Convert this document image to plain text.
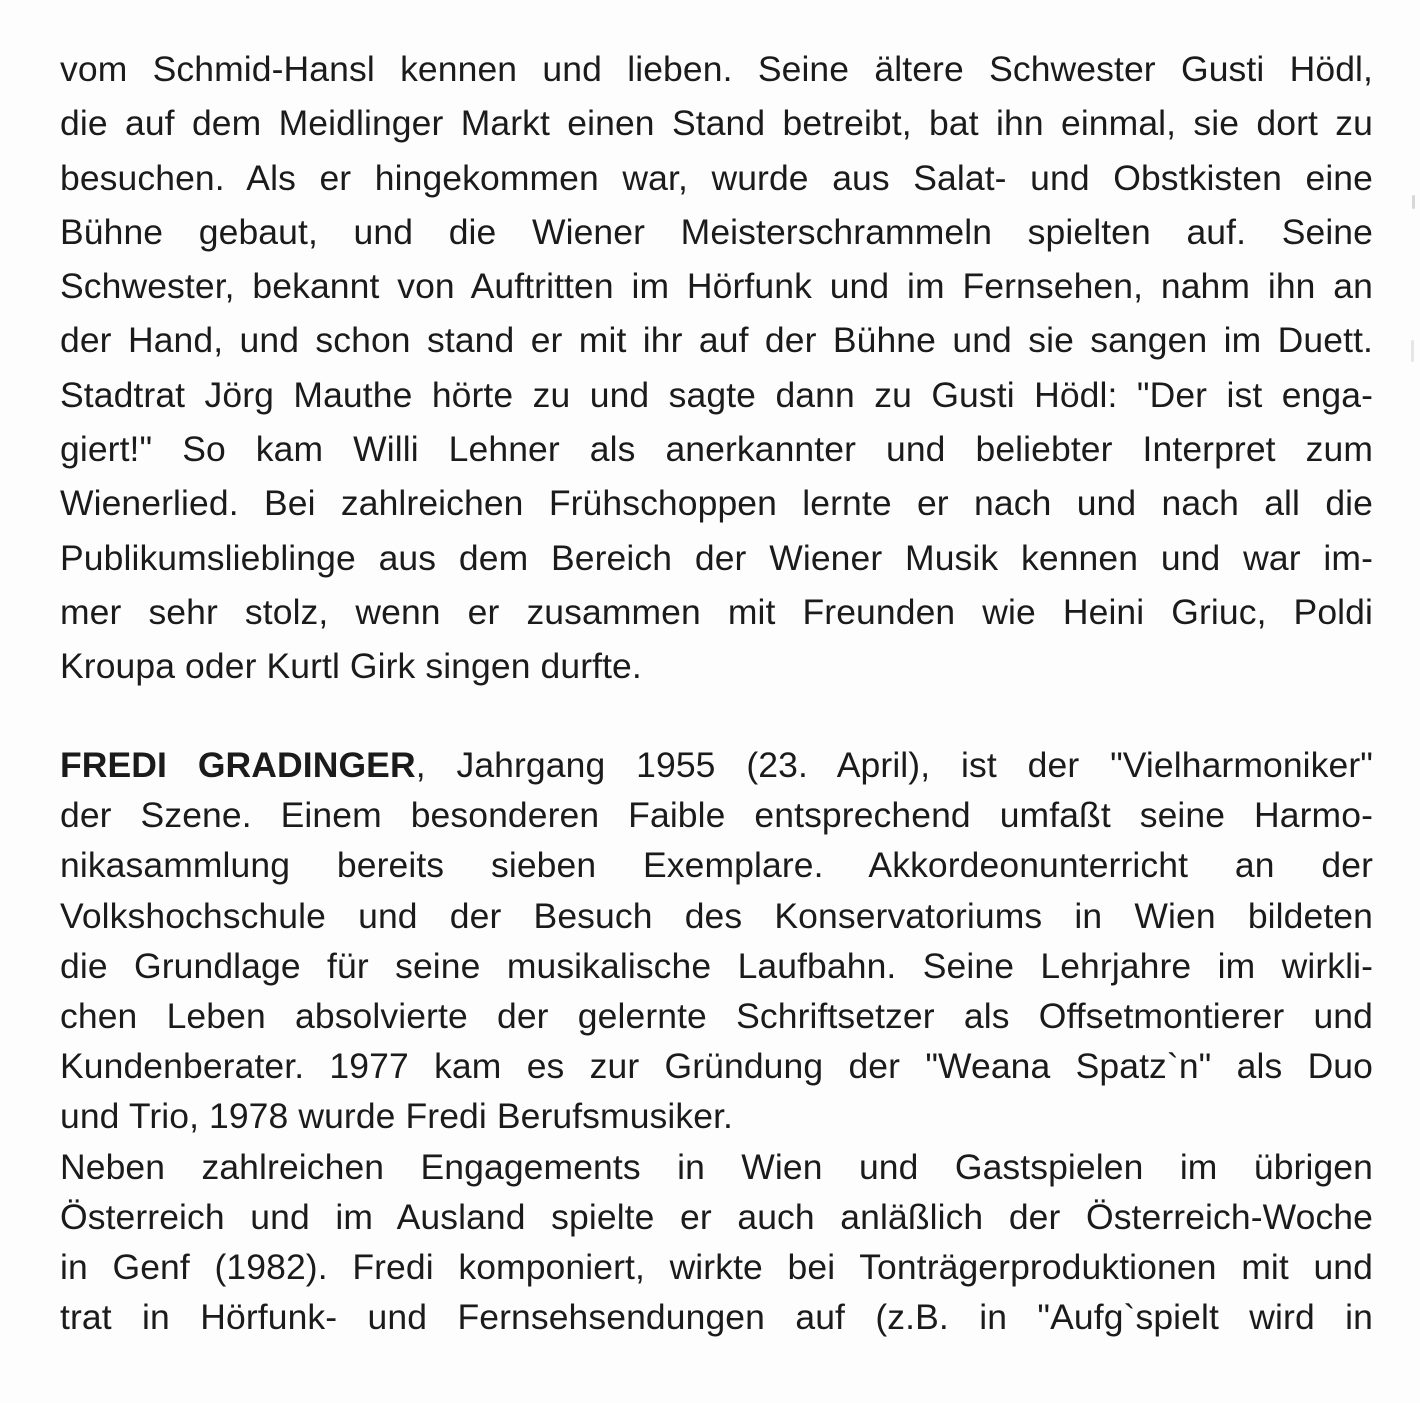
vom Schmid-Hansl kennen und lieben. Seine ältere Schwester Gusti Hödl,
die auf dem Meidlinger Markt einen Stand betreibt, bat ihn einmal, sie dort zu
besuchen. Als er hingekommen war, wurde aus Salat- und Obstkisten eine
Bühne gebaut, und die Wiener Meisterschrammeln spielten auf. Seine
Schwester, bekannt von Auftritten im Hörfunk und im Fernsehen, nahm ihn an
der Hand, und schon stand er mit ihr auf der Bühne und sie sangen im Duett.
Stadtrat Jörg Mauthe hörte zu und sagte dann zu Gusti Hödl: "Der ist enga-
giert!" So kam Willi Lehner als anerkannter und beliebter Interpret zum
Wienerlied. Bei zahlreichen Frühschoppen lernte er nach und nach all die
Publikumslieblinge aus dem Bereich der Wiener Musik kennen und war im-
mer sehr stolz, wenn er zusammen mit Freunden wie Heini Griuc, Poldi
Kroupa oder Kurtl Girk singen durfte.
FREDI GRADINGER, Jahrgang 1955 (23. April), ist der "Vielharmoniker"
der Szene. Einem besonderen Faible entsprechend umfaßt seine Harmo-
nikasammlung bereits sieben Exemplare. Akkordeonunterricht an der
Volkshochschule und der Besuch des Konservatoriums in Wien bildeten
die Grundlage für seine musikalische Laufbahn. Seine Lehrjahre im wirkli-
chen Leben absolvierte der gelernte Schriftsetzer als Offsetmontierer und
Kundenberater. 1977 kam es zur Gründung der "Weana Spatz`n" als Duo
und Trio, 1978 wurde Fredi Berufsmusiker.
Neben zahlreichen Engagements in Wien und Gastspielen im übrigen
Österreich und im Ausland spielte er auch anläßlich der Österreich-Woche
in Genf (1982). Fredi komponiert, wirkte bei Tonträgerproduktionen mit und
trat in Hörfunk- und Fernsehsendungen auf (z.B. in "Aufg`spielt wird in
